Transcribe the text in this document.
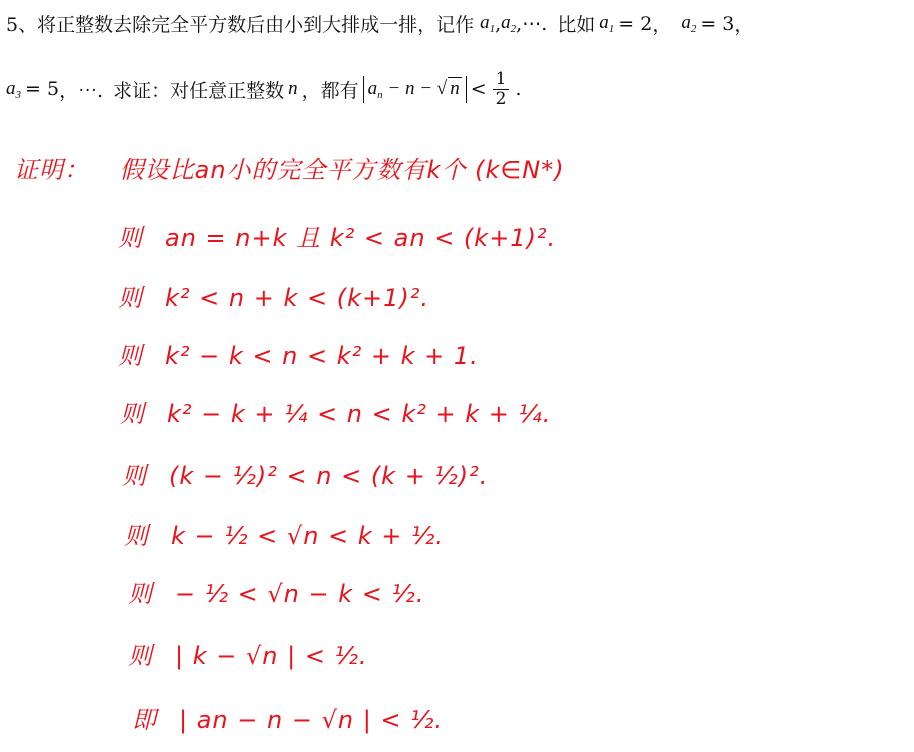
5、 将正整数去除完全平方数后由小到大排成一排，记作 $a_1$ , $a_2$ ,⋯. 比如 $a_1 = 2$ ， $a_2 = 3$ ，
$a_3 = 5$ ，⋯. 求证：对任意正整数 n ，都有 $a_n - n$ − √ $n < \frac{1}{2}$ .
证明： 假设比an小的完全平方数有k个 (k∈N*)
则 an = n+k 且 k² < an < (k+1)².
则 k² < n + k < (k+1)².
则 k² − k < n < k² + k + 1.
则 k² − k + ¼ < n < k² + k + ¼.
则 (k − ½)² < n < (k + ½)².
则 k − ½ < √n < k + ½.
则 − ½ < √n − k < ½.
则 | k − √n | < ½.
即 | an − n − √n | < ½.
